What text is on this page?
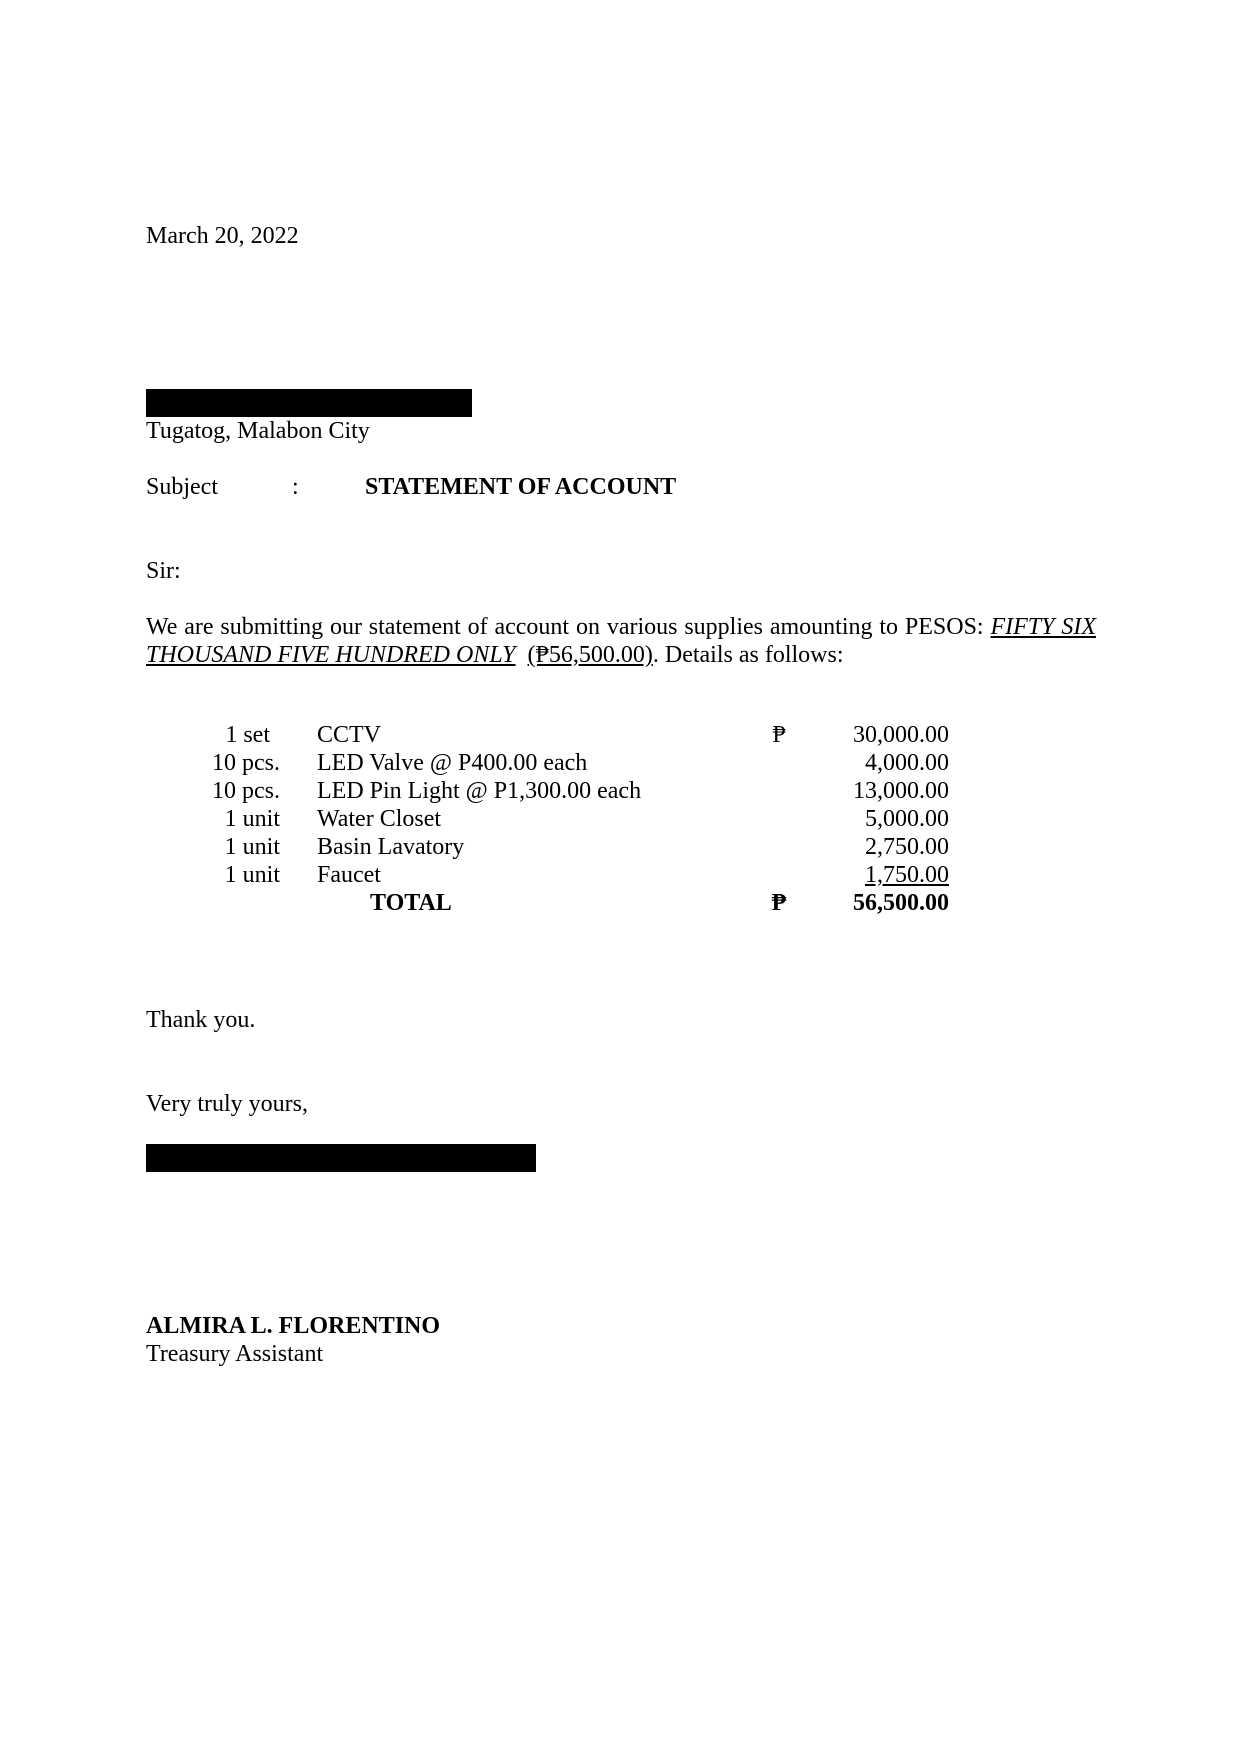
March 20, 2022
Tugatog, Malabon City
Subject	:	STATEMENT OF ACCOUNT
Sir:
We are submitting our statement of account on various supplies amounting to PESOS: FIFTY SIX THOUSAND FIVE HUNDRED ONLY (₱56,500.00). Details as follows:
1 set CCTV	₱	30,000.00
10 pcs. LED Valve @ P400.00 each	4,000.00
10 pcs. LED Pin Light @ P1,300.00 each	13,000.00
1 unit Water Closet	5,000.00
1 unit Basin Lavatory	2,750.00
1 unit Faucet	1,750.00
TOTAL	₱	56,500.00
Thank you.
Very truly yours,
ALMIRA L. FLORENTINO
Treasury Assistant
